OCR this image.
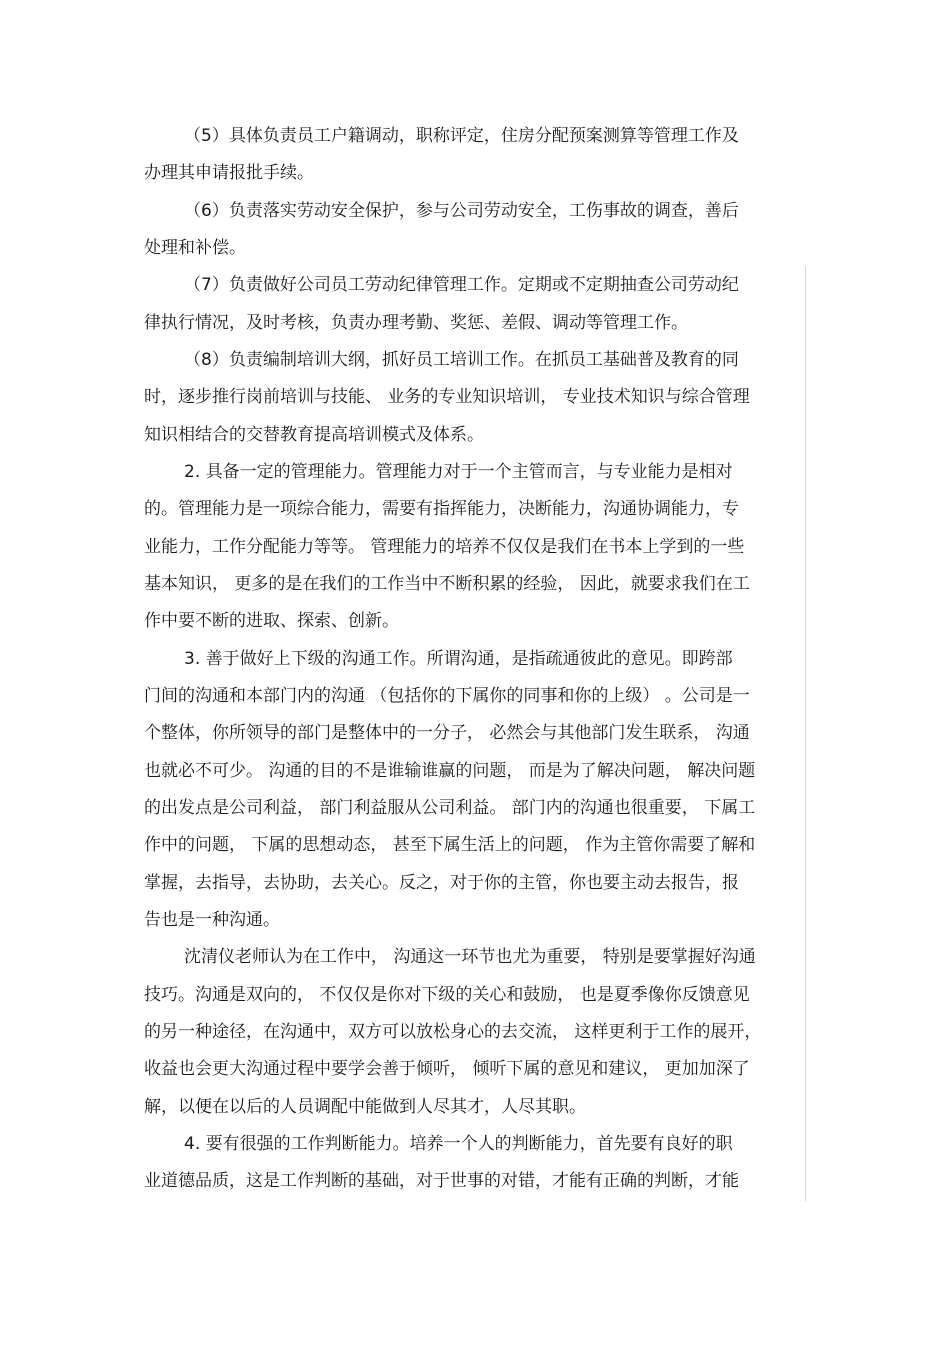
（5）具体负责员工户籍调动，职称评定，住房分配预案测算等管理工作及

办理其申请报批手续。

（6）负责落实劳动安全保护，参与公司劳动安全，工伤事故的调查，善后

处理和补偿。

（7）负责做好公司员工劳动纪律管理工作。定期或不定期抽查公司劳动纪

律执行情况，及时考核，负责办理考勤、奖惩、差假、调动等管理工作。

（8）负责编制培训大纲，抓好员工培训工作。在抓员工基础普及教育的同

时，逐步推行岗前培训与技能、 业务的专业知识培训， 专业技术知识与综合管理

知识相结合的交替教育提高培训模式及体系。

2. 具备一定的管理能力。管理能力对于一个主管而言，与专业能力是相对

的。管理能力是一项综合能力，需要有指挥能力，决断能力，沟通协调能力，专

业能力，工作分配能力等等。 管理能力的培养不仅仅是我们在书本上学到的一些

基本知识， 更多的是在我们的工作当中不断积累的经验， 因此，就要求我们在工

作中要不断的进取、探索、创新。

3. 善于做好上下级的沟通工作。所谓沟通，是指疏通彼此的意见。即跨部

门间的沟通和本部门内的沟通 （包括你的下属你的同事和你的上级） 。公司是一

个整体，你所领导的部门是整体中的一分子， 必然会与其他部门发生联系， 沟通

也就必不可少。 沟通的目的不是谁输谁赢的问题， 而是为了解决问题， 解决问题

的出发点是公司利益， 部门利益服从公司利益。 部门内的沟通也很重要， 下属工

作中的问题， 下属的思想动态， 甚至下属生活上的问题， 作为主管你需要了解和

掌握，去指导，去协助，去关心。反之，对于你的主管，你也要主动去报告，报

告也是一种沟通。

沈清仪老师认为在工作中， 沟通这一环节也尤为重要， 特别是要掌握好沟通

技巧。沟通是双向的， 不仅仅是你对下级的关心和鼓励， 也是夏季像你反馈意见

的另一种途径，在沟通中，双方可以放松身心的去交流， 这样更利于工作的展开，

收益也会更大沟通过程中要学会善于倾听， 倾听下属的意见和建议， 更加加深了

解，以便在以后的人员调配中能做到人尽其才，人尽其职。

4. 要有很强的工作判断能力。培养一个人的判断能力，首先要有良好的职

业道德品质，这是工作判断的基础，对于世事的对错，才能有正确的判断，才能
